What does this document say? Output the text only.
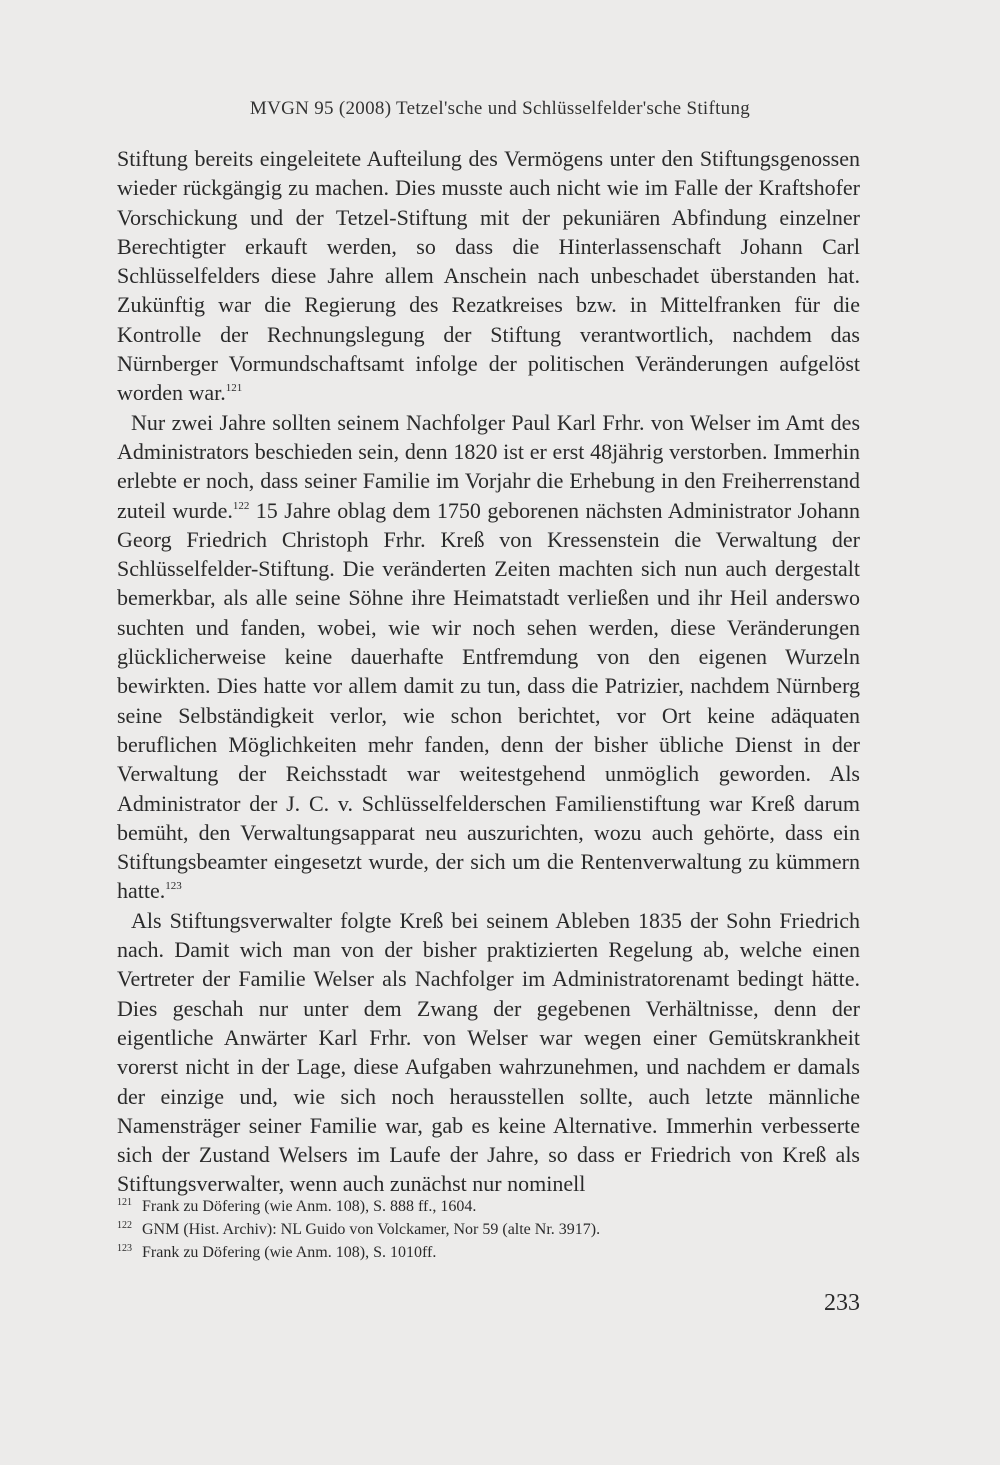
MVGN 95 (2008) Tetzel'sche und Schlüsselfelder'sche Stiftung

Stiftung bereits eingeleitete Aufteilung des Vermögens unter den Stiftungsgenossen wieder rückgängig zu machen. Dies musste auch nicht wie im Falle der Kraftshofer Vorschickung und der Tetzel-Stiftung mit der pekuniären Abfindung einzelner Berechtigter erkauft werden, so dass die Hinterlassenschaft Johann Carl Schlüsselfelders diese Jahre allem Anschein nach unbeschadet überstanden hat. Zukünftig war die Regierung des Rezatkreises bzw. in Mittelfranken für die Kontrolle der Rechnungslegung der Stiftung verantwortlich, nachdem das Nürnberger Vormundschaftsamt infolge der politischen Veränderungen aufgelöst worden war.$^{121}$

Nur zwei Jahre sollten seinem Nachfolger Paul Karl Frhr. von Welser im Amt des Administrators beschieden sein, denn 1820 ist er erst 48jährig verstorben. Immerhin erlebte er noch, dass seiner Familie im Vorjahr die Erhebung in den Freiherrenstand zuteil wurde.$^{122}$ 15 Jahre oblag dem 1750 geborenen nächsten Administrator Johann Georg Friedrich Christoph Frhr. Kreß von Kressenstein die Verwaltung der Schlüsselfelder-Stiftung. Die veränderten Zeiten machten sich nun auch dergestalt bemerkbar, als alle seine Söhne ihre Heimatstadt verließen und ihr Heil anderswo suchten und fanden, wobei, wie wir noch sehen werden, diese Veränderungen glücklicherweise keine dauerhafte Entfremdung von den eigenen Wurzeln bewirkten. Dies hatte vor allem damit zu tun, dass die Patrizier, nachdem Nürnberg seine Selbständigkeit verlor, wie schon berichtet, vor Ort keine adäquaten beruflichen Möglichkeiten mehr fanden, denn der bisher übliche Dienst in der Verwaltung der Reichsstadt war weitestgehend unmöglich geworden. Als Administrator der J. C. v. Schlüsselfelderschen Familienstiftung war Kreß darum bemüht, den Verwaltungsapparat neu auszurichten, wozu auch gehörte, dass ein Stiftungsbeamter eingesetzt wurde, der sich um die Rentenverwaltung zu kümmern hatte.$^{123}$

Als Stiftungsverwalter folgte Kreß bei seinem Ableben 1835 der Sohn Friedrich nach. Damit wich man von der bisher praktizierten Regelung ab, welche einen Vertreter der Familie Welser als Nachfolger im Administratorenamt bedingt hätte. Dies geschah nur unter dem Zwang der gegebenen Verhältnisse, denn der eigentliche Anwärter Karl Frhr. von Welser war wegen einer Gemütskrankheit vorerst nicht in der Lage, diese Aufgaben wahrzunehmen, und nachdem er damals der einzige und, wie sich noch herausstellen sollte, auch letzte männliche Namensträger seiner Familie war, gab es keine Alternative. Immerhin verbesserte sich der Zustand Welsers im Laufe der Jahre, so dass er Friedrich von Kreß als Stiftungsverwalter, wenn auch zunächst nur nominell

$^{121}$ Frank zu Döfering (wie Anm. 108), S. 888 ff., 1604.
$^{122}$ GNM (Hist. Archiv): NL Guido von Volckamer, Nor 59 (alte Nr. 3917).
$^{123}$ Frank zu Döfering (wie Anm. 108), S. 1010ff.
233
